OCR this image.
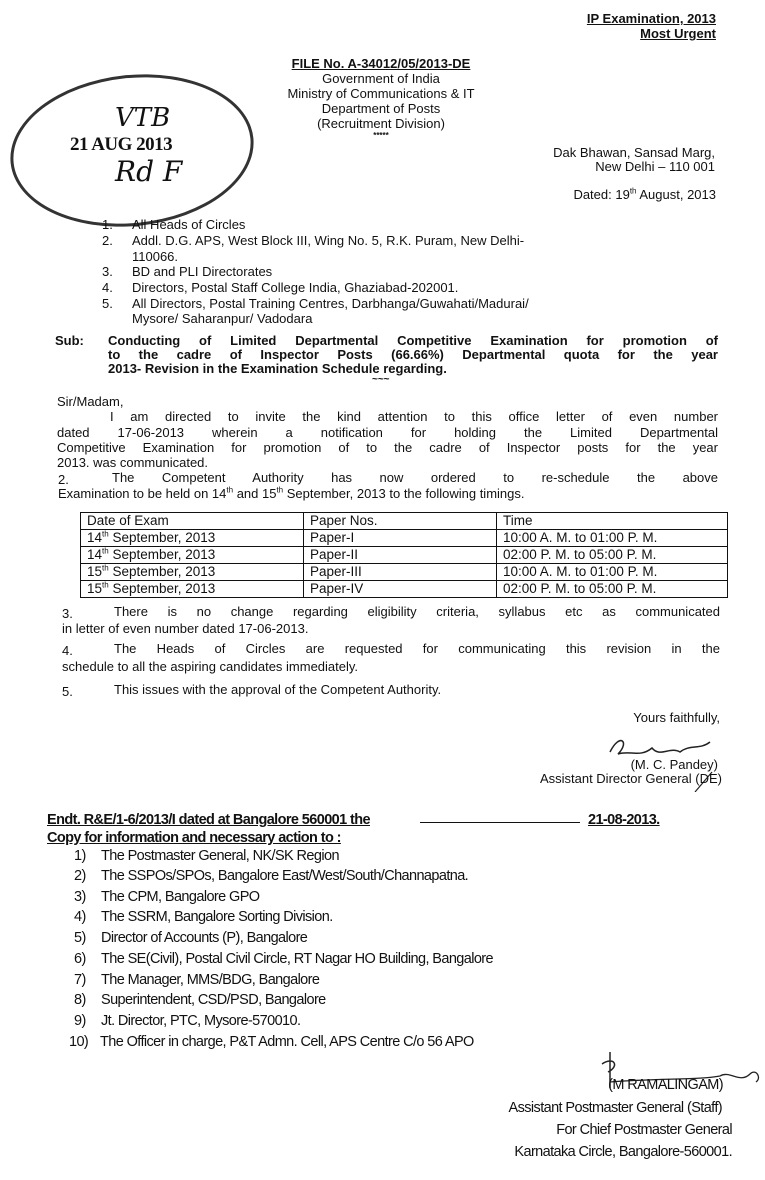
IP Examination, 2013
Most Urgent
FILE No. A-34012/05/2013-DE
Government of India
Ministry of Communications & IT
Department of Posts
(Recruitment Division)
*****
VTB
21 AUG 2013
Rd F
Dak Bhawan, Sansad Marg,
New Delhi – 110 001
Dated: 19th August, 2013
1. All Heads of Circles
2. Addl. D.G. APS, West Block III, Wing No. 5, R.K. Puram, New Delhi-
110066.
3. BD and PLI Directorates
4. Directors, Postal Staff College India, Ghaziabad-202001.
5. All Directors, Postal Training Centres, Darbhanga/Guwahati/Madurai/
Mysore/ Saharanpur/ Vadodara
Sub: Conducting of Limited Departmental Competitive Examination for promotion of
to the cadre of Inspector Posts (66.66%) Departmental quota for the year
2013- Revision in the Examination Schedule regarding.
~~~
Sir/Madam,
I am directed to invite the kind attention to this office letter of even number
dated 17-06-2013 wherein a notification for holding the Limited Departmental
Competitive Examination for promotion of to the cadre of Inspector posts for the year
2013. was communicated.
2.	The Competent Authority has now ordered to re-schedule the above
Examination to be held on 14th and 15th September, 2013 to the following timings.
Date of Exam	Paper Nos.	Time
14th September, 2013	Paper-I	10:00 A. M. to 01:00 P. M.
14th September, 2013	Paper-II	02:00 P. M. to 05:00 P. M.
15th September, 2013	Paper-III	10:00 A. M. to 01:00 P. M.
15th September, 2013	Paper-IV	02:00 P. M. to 05:00 P. M.
3.	There is no change regarding eligibility criteria, syllabus etc as communicated
in letter of even number dated 17-06-2013.
4.	The Heads of Circles are requested for communicating this revision in the
schedule to all the aspiring candidates immediately.
5.	This issues with the approval of the Competent Authority.
Yours faithfully,
(M. C. Pandey)
Assistant Director General (DE)
Endt. R&E/1-6/2013/I dated at Bangalore 560001 the	21-08-2013.
Copy for information and necessary action to :
1) The Postmaster General, NK/SK Region
2) The SSPOs/SPOs, Bangalore East/West/South/Channapatna.
3) The CPM, Bangalore GPO
4) The SSRM, Bangalore Sorting Division.
5) Director of Accounts (P), Bangalore
6) The SE(Civil), Postal Civil Circle, RT Nagar HO Building, Bangalore
7) The Manager, MMS/BDG, Bangalore
8) Superintendent, CSD/PSD, Bangalore
9) Jt. Director, PTC, Mysore-570010.
10) The Officer in charge, P&T Admn. Cell, APS Centre C/o 56 APO
(M RAMALINGAM)
Assistant Postmaster General (Staff)
For Chief Postmaster General
Karnataka Circle, Bangalore-560001.
